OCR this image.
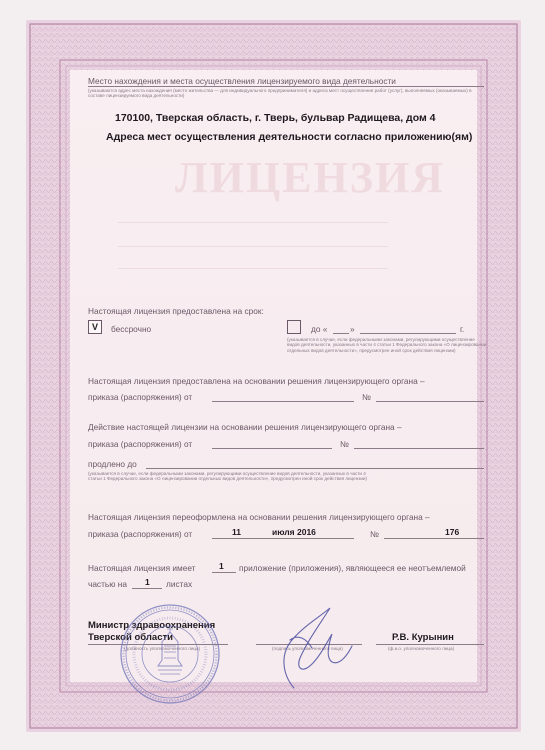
ЛИЦЕНЗИЯ
Место нахождения и места осуществления лицензируемого вида деятельности
(указываются адрес места нахождения (место жительства — для индивидуального предпринимателя) и адреса мест осуществления работ (услуг), выполняемых (оказываемых) в составе лицензируемого вида деятельности)
170100, Тверская область, г. Тверь, бульвар Радищева, дом 4
Адреса мест осуществления деятельности согласно приложению(ям)
Настоящая лицензия предоставлена на срок:
V	бессрочно	до «	»	г.
(указывается в случае, если федеральными законами, регулирующими осуществление видов деятельности, указанных в части 4 статьи 1 Федерального закона «О лицензировании отдельных видов деятельности», предусмотрен иной срок действия лицензии)
Настоящая лицензия предоставлена на основании решения лицензирующего органа –
приказа (распоряжения) от	№
Действие настоящей лицензии на основании решения лицензирующего органа –
приказа (распоряжения) от	№
продлено до
(указывается в случае, если федеральными законами, регулирующими осуществление видов деятельности, указанных в части 4 статьи 1 Федерального закона «О лицензировании отдельных видов деятельности», предусмотрен иной срок действия лицензии)
Настоящая лицензия переоформлена на основании решения лицензирующего органа –
приказа (распоряжения) от	11	июля 2016	№	176
Настоящая лицензия имеет	1 приложение (приложения), являющееся ее неотъемлемой
частью на 1 листах
Министр здравоохранения
Тверской области
(должность уполномоченного лица)	(подпись уполномоченного лица)
Р.В. Курынин
(ф.и.о. уполномоченного лица)
